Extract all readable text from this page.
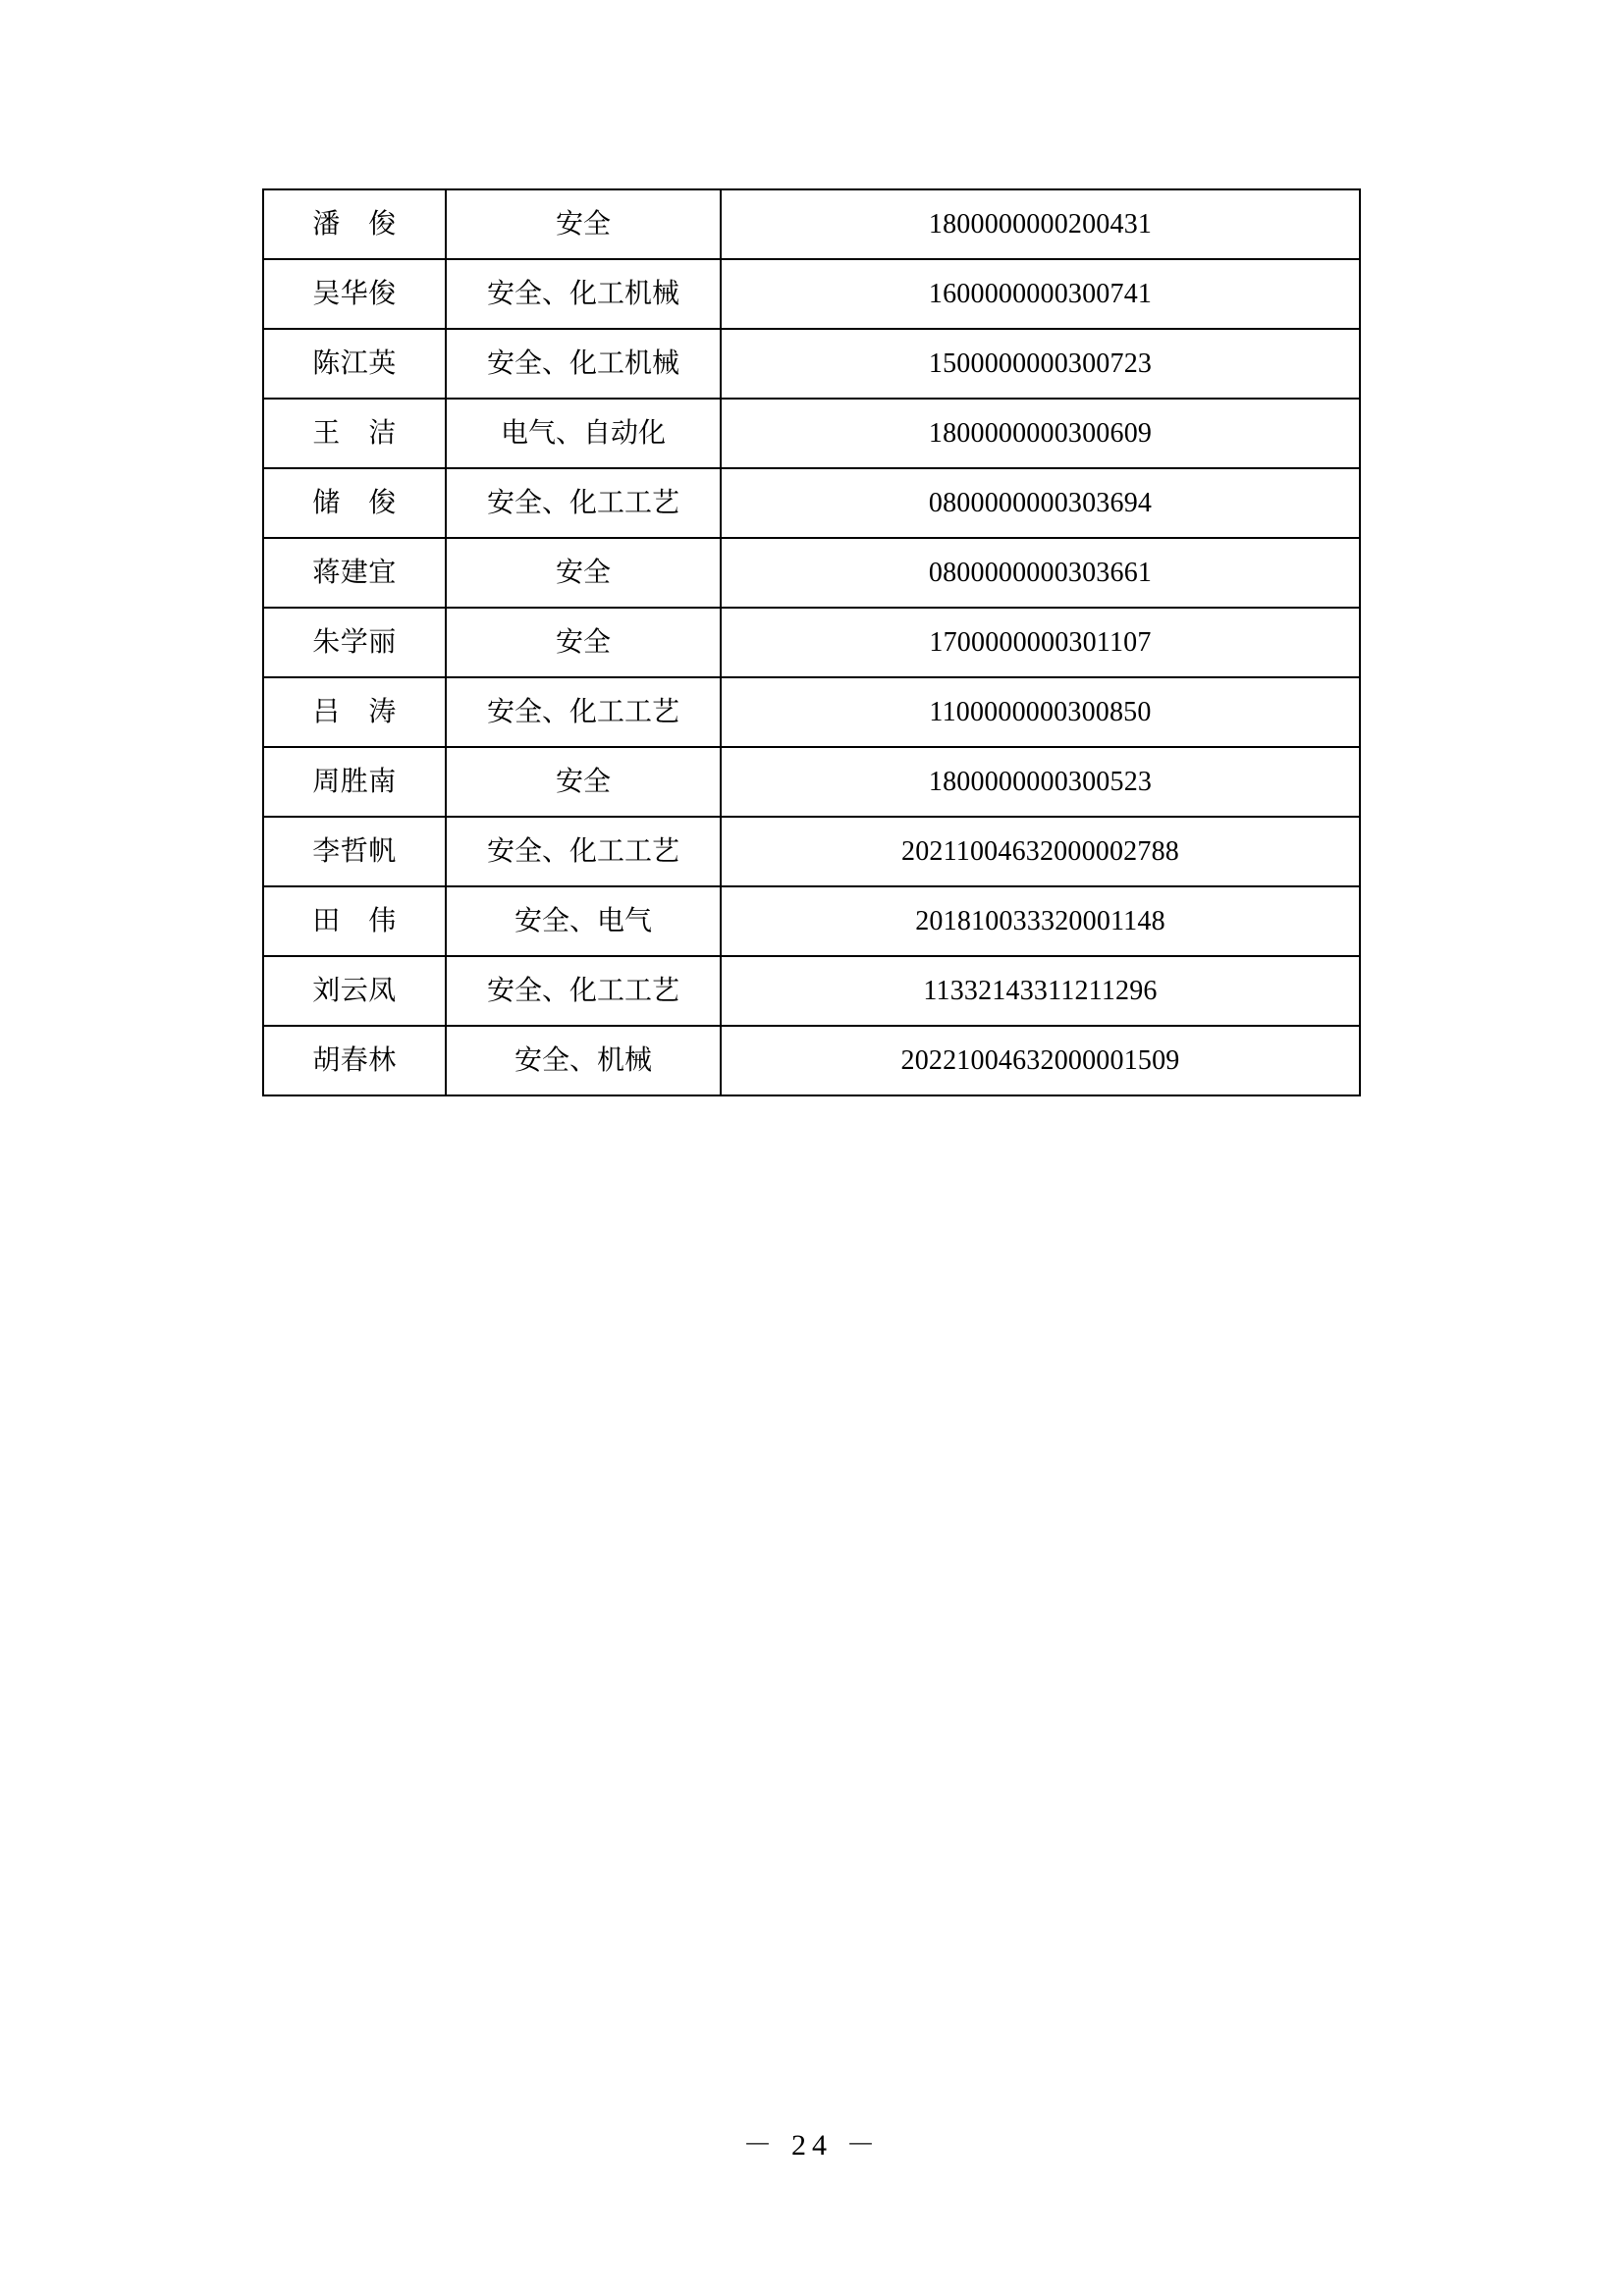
潘　俊	安全	1800000000200431
吴华俊	安全、化工机械	1600000000300741
陈江英	安全、化工机械	1500000000300723
王　洁	电气、自动化	1800000000300609
储　俊	安全、化工工艺	0800000000303694
蒋建宜	安全	0800000000303661
朱学丽	安全	1700000000301107
吕　涛	安全、化工工艺	1100000000300850
周胜南	安全	1800000000300523
李哲帆	安全、化工工艺	20211004632000002788
田　伟	安全、电气	201810033320001148
刘云凤	安全、化工工艺	11332143311211296
胡春林	安全、机械	20221004632000001509
－ 24 －
